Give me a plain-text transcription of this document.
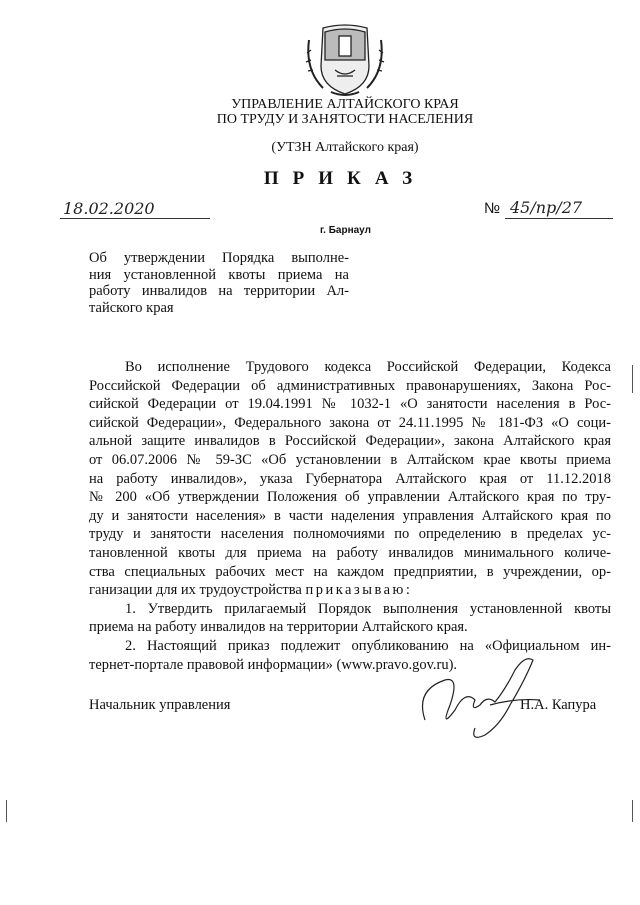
УПРАВЛЕНИЕ АЛТАЙСКОГО КРАЯ
ПО ТРУДУ И ЗАНЯТОСТИ НАСЕЛЕНИЯ
(УТЗН Алтайского края)
ПРИКАЗ
18.02.2020	№ 45/пр/27
г. Барнаул
Об утверждении Порядка выполне-
ния установленной квоты приема на
работу инвалидов на территории Ал-
тайского края
Во исполнение Трудового кодекса Российской Федерации, Кодекса
Российской Федерации об административных правонарушениях, Закона Рос-
сийской Федерации от 19.04.1991 № 1032-1 «О занятости населения в Рос-
сийской Федерации», Федерального закона от 24.11.1995 № 181-ФЗ «О соци-
альной защите инвалидов в Российской Федерации», закона Алтайского края
от 06.07.2006 № 59-ЗС «Об установлении в Алтайском крае квоты приема
на работу инвалидов», указа Губернатора Алтайского края от 11.12.2018
№ 200 «Об утверждении Положения об управлении Алтайского края по тру-
ду и занятости населения» в части наделения управления Алтайского края по
труду и занятости населения полномочиями по определению в пределах ус-
тановленной квоты для приема на работу инвалидов минимального количе-
ства специальных рабочих мест на каждом предприятии, в учреждении, ор-
ганизации для их трудоустройства приказываю:
1. Утвердить прилагаемый Порядок выполнения установленной квоты
приема на работу инвалидов на территории Алтайского края.
2. Настоящий приказ подлежит опубликованию на «Официальном ин-
тернет-портале правовой информации» (www.pravo.gov.ru).
Начальник управления	Н.А. Капура
